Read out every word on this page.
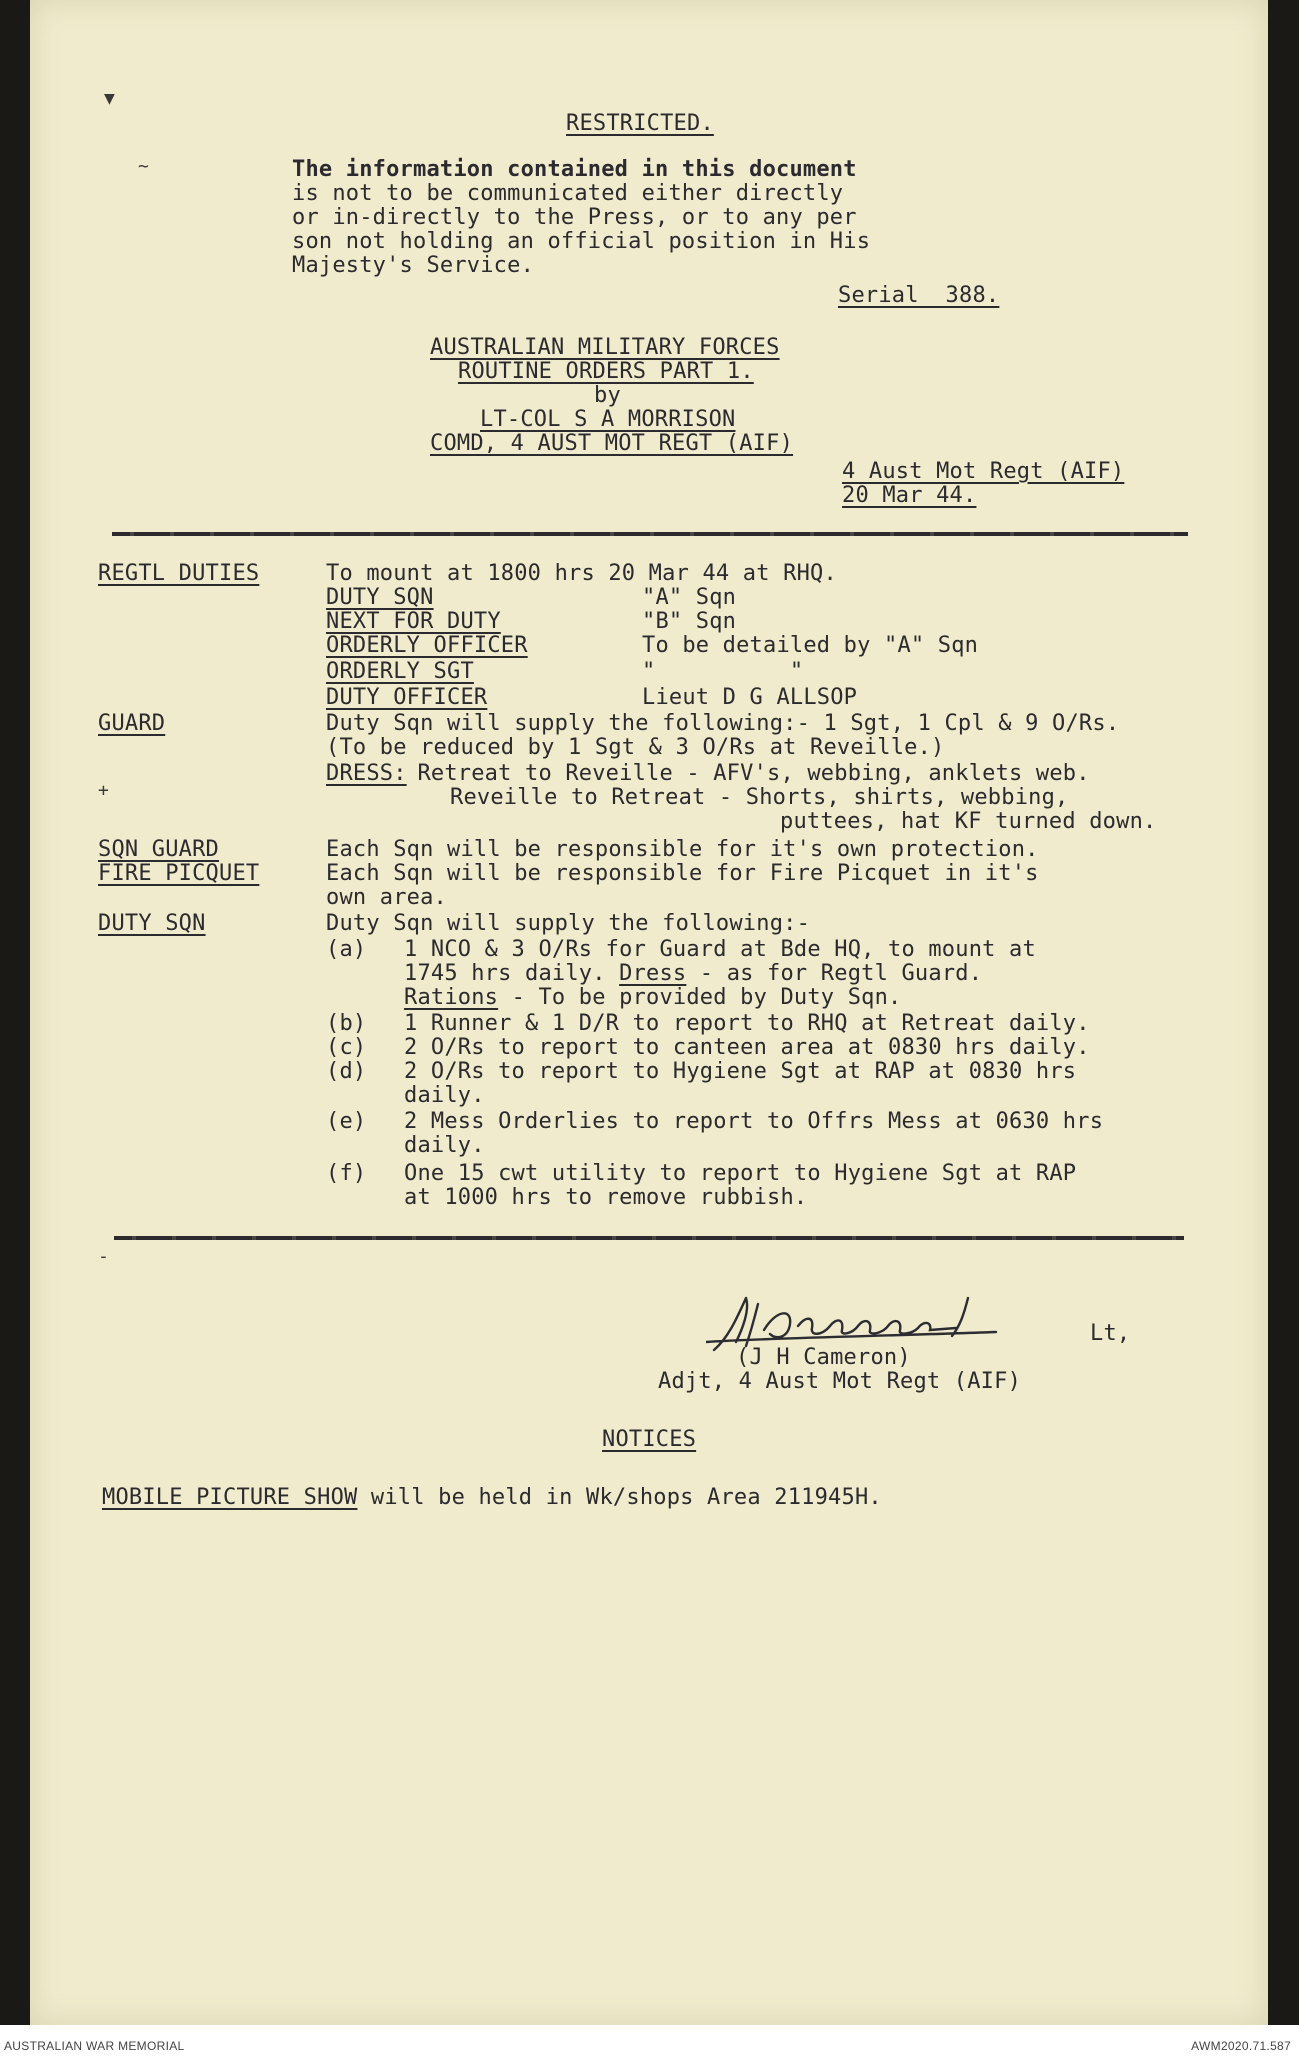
▼
~
+
-
RESTRICTED.
The information contained in this document
is not to be communicated either directly
or in-directly to the Press, or to any per
son not holding an official position in His
Majesty's Service.
Serial  388.
AUSTRALIAN MILITARY FORCES
ROUTINE ORDERS PART 1.
by
LT-COL S A MORRISON
COMD, 4 AUST MOT REGT (AIF)
4 Aust Mot Regt (AIF)
20 Mar 44.
REGTL DUTIES	To mount at 1800 hrs 20 Mar 44 at RHQ.
DUTY SQN	"A" Sqn
NEXT FOR DUTY	"B" Sqn
ORDERLY OFFICER	To be detailed by "A" Sqn
ORDERLY SGT	"          "
DUTY OFFICER	Lieut D G ALLSOP
GUARD	Duty Sqn will supply the following:- 1 Sgt, 1 Cpl & 9 O/Rs.
(To be reduced by 1 Sgt & 3 O/Rs at Reveille.)
DRESS:
Retreat to Reveille - AFV's, webbing, anklets web.
Reveille to Retreat - Shorts, shirts, webbing,
puttees, hat KF turned down.
SQN GUARD	Each Sqn will be responsible for it's own protection.
FIRE PICQUET	Each Sqn will be responsible for Fire Picquet in it's
own area.
DUTY SQN	Duty Sqn will supply the following:-
(a) 1 NCO & 3 O/Rs for Guard at Bde HQ, to mount at
1745 hrs daily. Dress - as for Regtl Guard.
Rations - To be provided by Duty Sqn.
(b) 1 Runner & 1 D/R to report to RHQ at Retreat daily.
(c) 2 O/Rs to report to canteen area at 0830 hrs daily.
(d) 2 O/Rs to report to Hygiene Sgt at RAP at 0830 hrs
daily.
(e) 2 Mess Orderlies to report to Offrs Mess at 0630 hrs
daily.
(f) One 15 cwt utility to report to Hygiene Sgt at RAP
at 1000 hrs to remove rubbish.
Lt,
(J H Cameron)
Adjt, 4 Aust Mot Regt (AIF)
NOTICES
MOBILE PICTURE SHOW will be held in Wk/shops Area 211945H.
AUSTRALIAN WAR MEMORIAL	AWM2020.71.587
